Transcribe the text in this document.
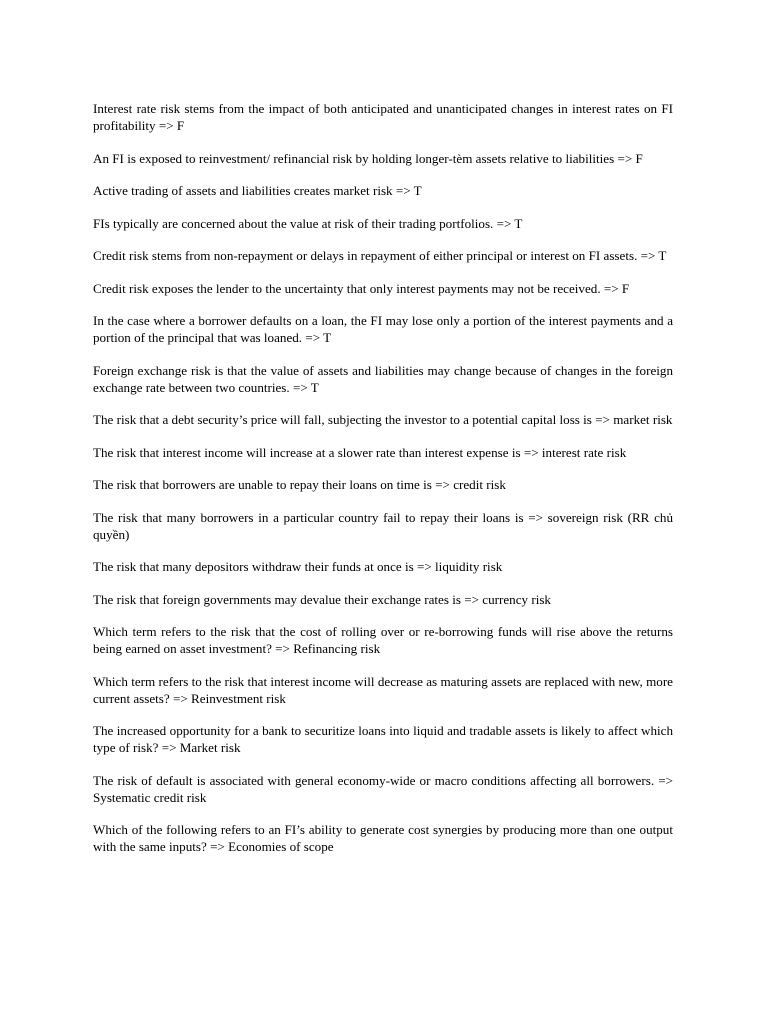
Interest rate risk stems from the impact of both anticipated and unanticipated changes in interest rates on FI profitability => F

An FI is exposed to reinvestment/ refinancial risk by holding longer-tèm assets relative to liabilities => F

Active trading of assets and liabilities creates market risk => T

FIs typically are concerned about the value at risk of their trading portfolios. => T

Credit risk stems from non-repayment or delays in repayment of either principal or interest on FI assets. => T

Credit risk exposes the lender to the uncertainty that only interest payments may not be received. => F

In the case where a borrower defaults on a loan, the FI may lose only a portion of the interest payments and a portion of the principal that was loaned. => T

Foreign exchange risk is that the value of assets and liabilities may change because of changes in the foreign exchange rate between two countries. => T

The risk that a debt security’s price will fall, subjecting the investor to a potential capital loss is => market risk

The risk that interest income will increase at a slower rate than interest expense is => interest rate risk

The risk that borrowers are unable to repay their loans on time is => credit risk

The risk that many borrowers in a particular country fail to repay their loans is => sovereign risk (RR chủ quyền)

The risk that many depositors withdraw their funds at once is => liquidity risk

The risk that foreign governments may devalue their exchange rates is => currency risk

Which term refers to the risk that the cost of rolling over or re-borrowing funds will rise above the returns being earned on asset investment? => Refinancing risk

Which term refers to the risk that interest income will decrease as maturing assets are replaced with new, more current assets? => Reinvestment risk

The increased opportunity for a bank to securitize loans into liquid and tradable assets is likely to affect which type of risk? => Market risk

The risk of default is associated with general economy-wide or macro conditions affecting all borrowers. => Systematic credit risk

Which of the following refers to an FI’s ability to generate cost synergies by producing more than one output with the same inputs? => Economies of scope
